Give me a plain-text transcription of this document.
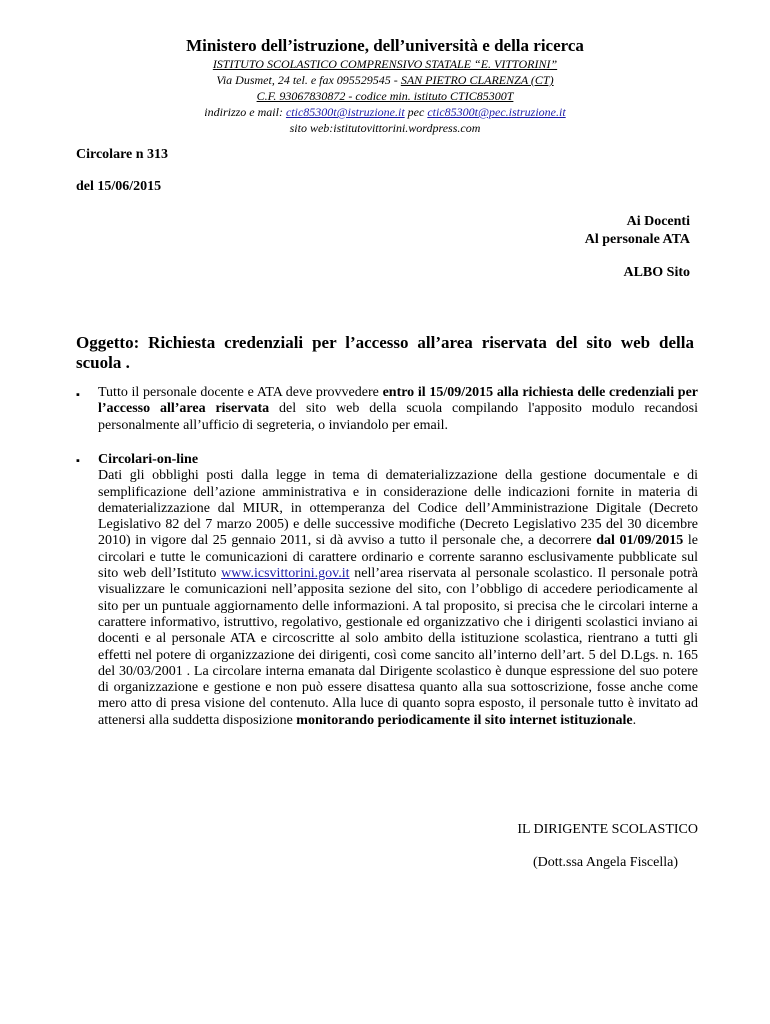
Ministero dell’istruzione, dell’università e della ricerca
ISTITUTO SCOLASTICO COMPRENSIVO STATALE “E. VITTORINI”
Via Dusmet, 24 tel. e fax 095529545 - SAN PIETRO CLARENZA (CT)
C.F. 93067830872 - codice min. istituto CTIC85300T
indirizzo e mail: ctic85300t@istruzione.it pec ctic85300t@pec.istruzione.it
sito web:istitutovittorini.wordpress.com
Circolare n 313
del 15/06/2015
Ai Docenti
Al personale ATA
ALBO Sito
Oggetto: Richiesta credenziali per l’accesso all’area riservata del sito web della scuola .
▪ Tutto il personale docente e ATA deve provvedere entro il 15/09/2015 alla richiesta delle credenziali per l’accesso all’area riservata del sito web della scuola compilando l'apposito modulo recandosi personalmente all’ufficio di segreteria, o inviandolo per email.
▪ Circolari-on-line
Dati gli obblighi posti dalla legge in tema di dematerializzazione della gestione documentale e di semplificazione dell’azione amministrativa e in considerazione delle indicazioni fornite in materia di dematerializzazione dal MIUR, in ottemperanza del Codice dell’Amministrazione Digitale (Decreto Legislativo 82 del 7 marzo 2005) e delle successive modifiche (Decreto Legislativo 235 del 30 dicembre 2010) in vigore dal 25 gennaio 2011, si dà avviso a tutto il personale che, a decorrere dal 01/09/2015 le circolari e tutte le comunicazioni di carattere ordinario e corrente saranno esclusivamente pubblicate sul sito web dell’Istituto www.icsvittorini.gov.it nell’area riservata al personale scolastico. Il personale potrà visualizzare le comunicazioni nell’apposita sezione del sito, con l’obbligo di accedere periodicamente al sito per un puntuale aggiornamento delle informazioni. A tal proposito, si precisa che le circolari interne a carattere informativo, istruttivo, regolativo, gestionale ed organizzativo che i dirigenti scolastici inviano ai docenti e al personale ATA e circoscritte al solo ambito della istituzione scolastica, rientrano a tutti gli effetti nel potere di organizzazione dei dirigenti, così come sancito all’interno dell’art. 5 del D.Lgs. n. 165 del 30/03/2001 . La circolare interna emanata dal Dirigente scolastico è dunque espressione del suo potere di organizzazione e gestione e non può essere disattesa quanto alla sua sottoscrizione, fosse anche come mero atto di presa visione del contenuto. Alla luce di quanto sopra esposto, il personale tutto è invitato ad attenersi alla suddetta disposizione monitorando periodicamente il sito internet istituzionale.
IL DIRIGENTE SCOLASTICO
(Dott.ssa Angela Fiscella)
